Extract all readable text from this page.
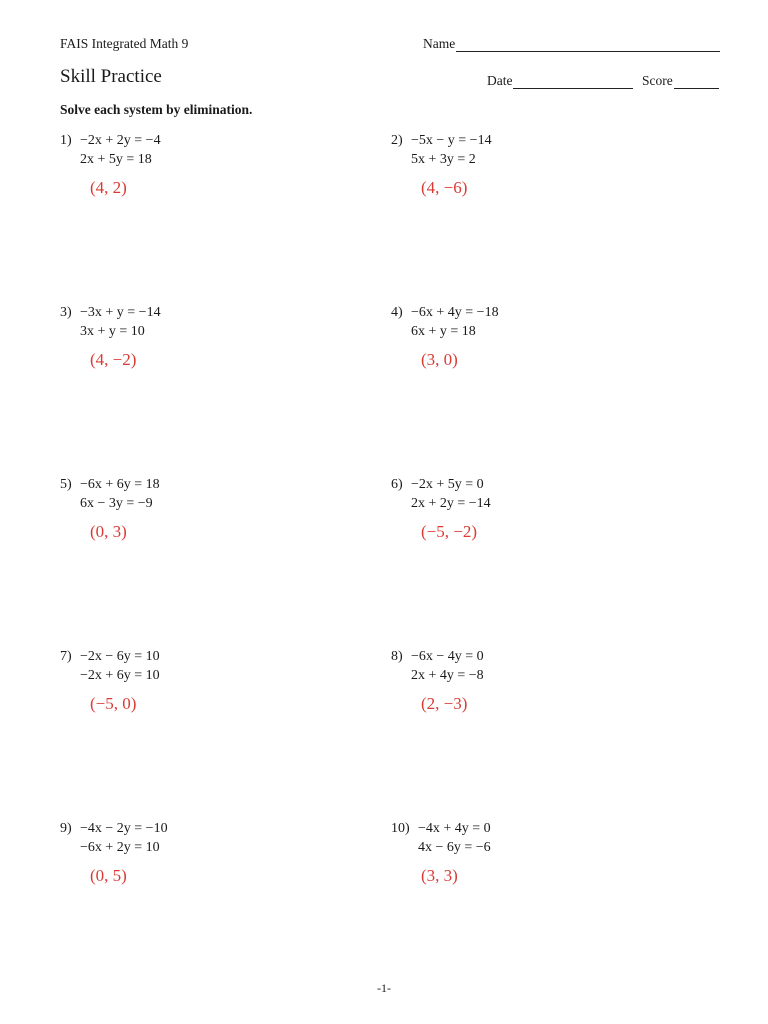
FAIS Integrated Math 9	Name
Skill Practice	Date	Score
Solve each system by elimination.
1) −2x + 2y = −4
2x + 5y = 18
(4, 2)
2) −5x − y = −14
5x + 3y = 2
(4, −6)
3) −3x + y = −14
3x + y = 10
(4, −2)
4) −6x + 4y = −18
6x + y = 18
(3, 0)
5) −6x + 6y = 18
6x − 3y = −9
(0, 3)
6) −2x + 5y = 0
2x + 2y = −14
(−5, −2)
7) −2x − 6y = 10
−2x + 6y = 10
(−5, 0)
8) −6x − 4y = 0
2x + 4y = −8
(2, −3)
9) −4x − 2y = −10
−6x + 2y = 10
(0, 5)
10) −4x + 4y = 0
4x − 6y = −6
(3, 3)
-1-
